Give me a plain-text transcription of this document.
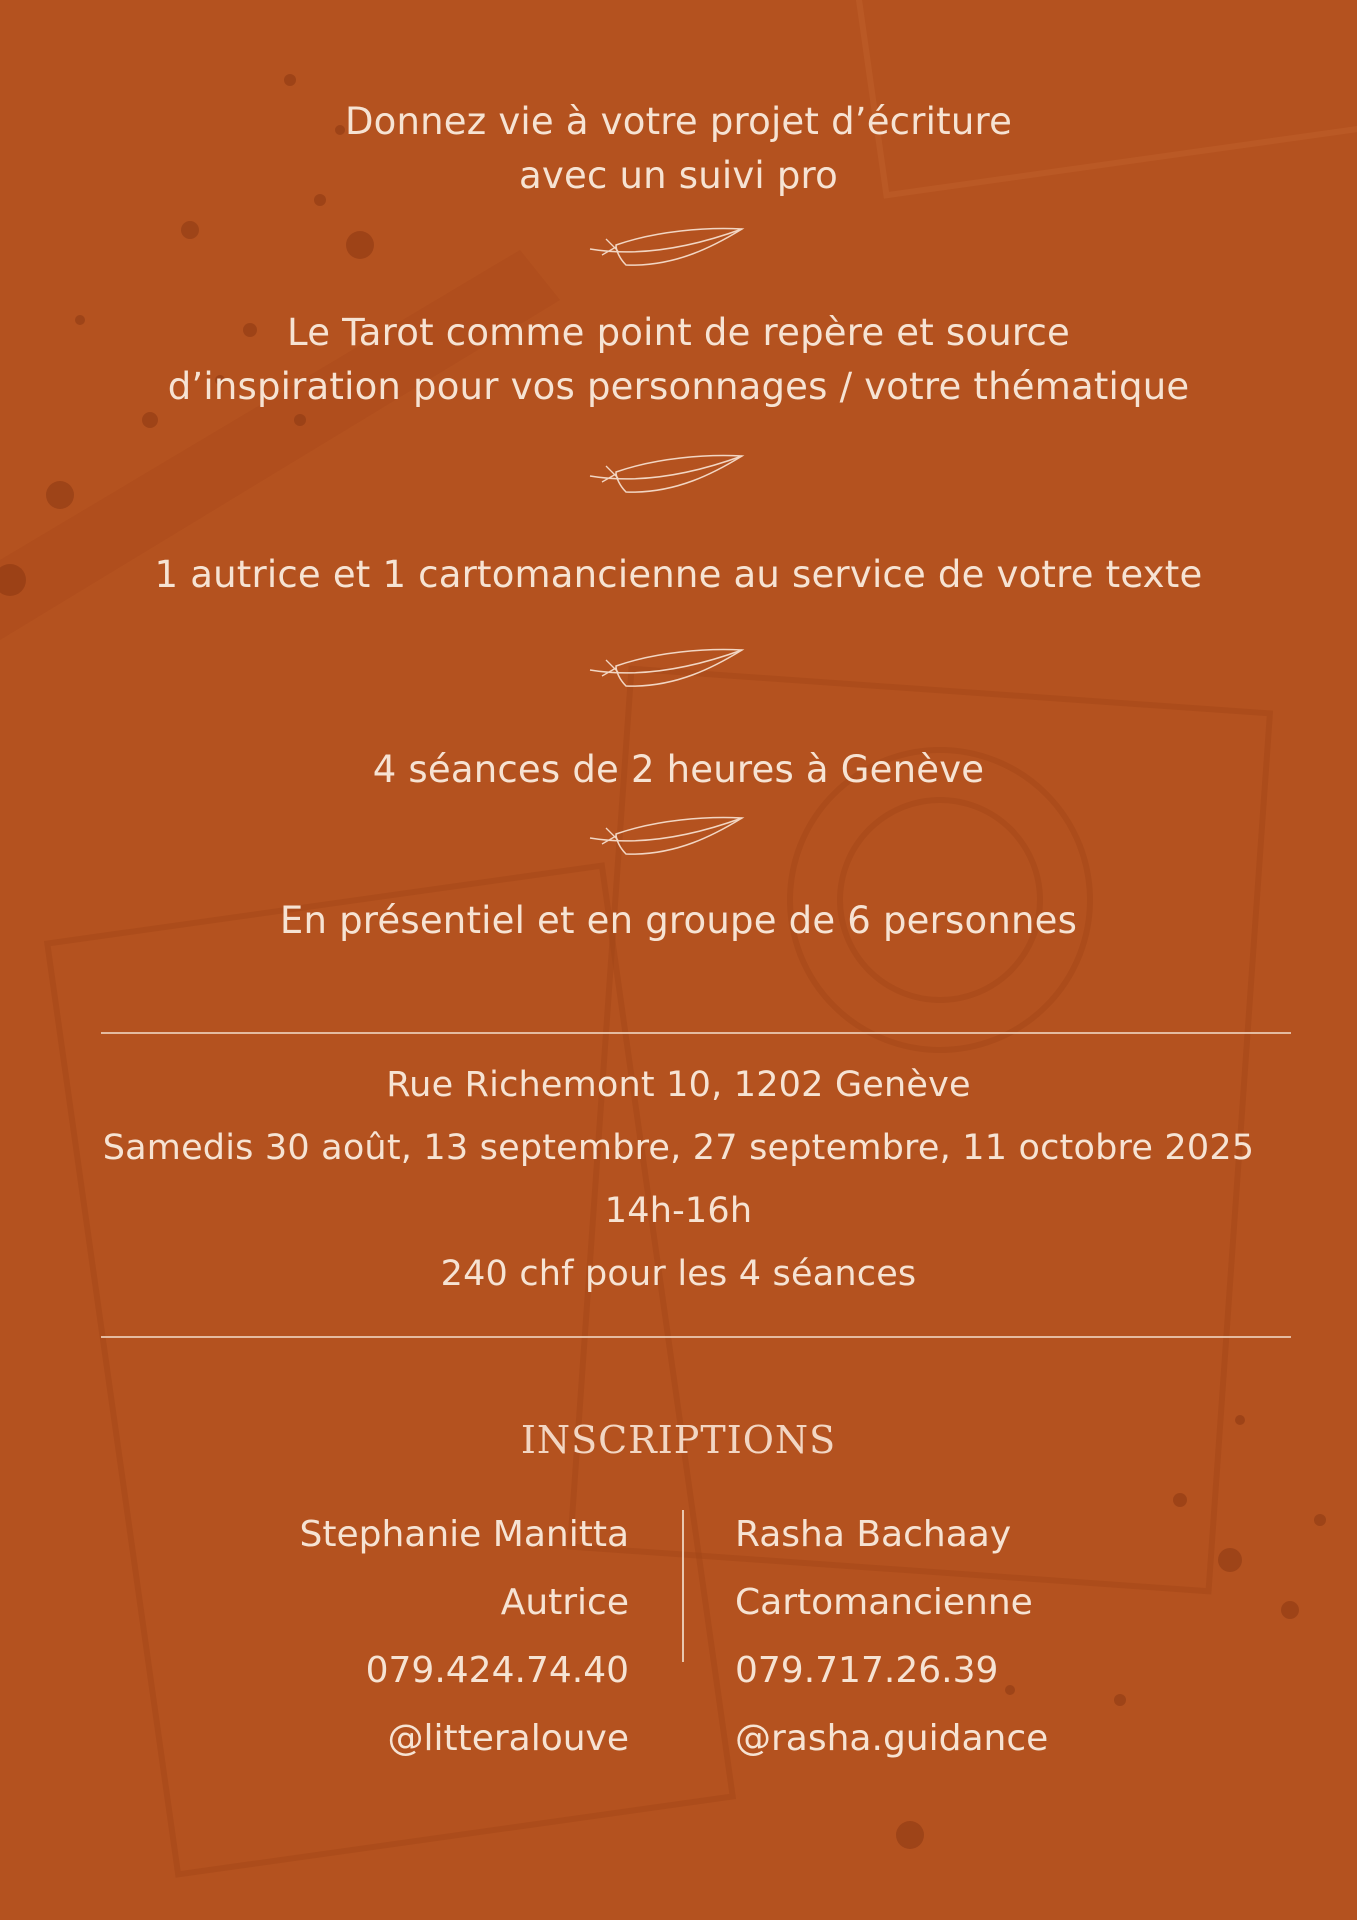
Donnez vie à votre projet d’écriture
avec un suivi pro
Le Tarot comme point de repère et source
d’inspiration pour vos personnages / votre thématique
1 autrice et 1 cartomancienne au service de votre texte
4 séances de 2 heures à Genève
En présentiel et en groupe de 6 personnes
Rue Richemont 10, 1202 Genève
Samedis 30 août, 13 septembre, 27 septembre, 11 octobre 2025
14h-16h
240 chf pour les 4 séances
INSCRIPTIONS
Stephanie Manitta
Autrice
079.424.74.40
@litteralouve
Rasha Bachaay
Cartomancienne
079.717.26.39
@rasha.guidance
